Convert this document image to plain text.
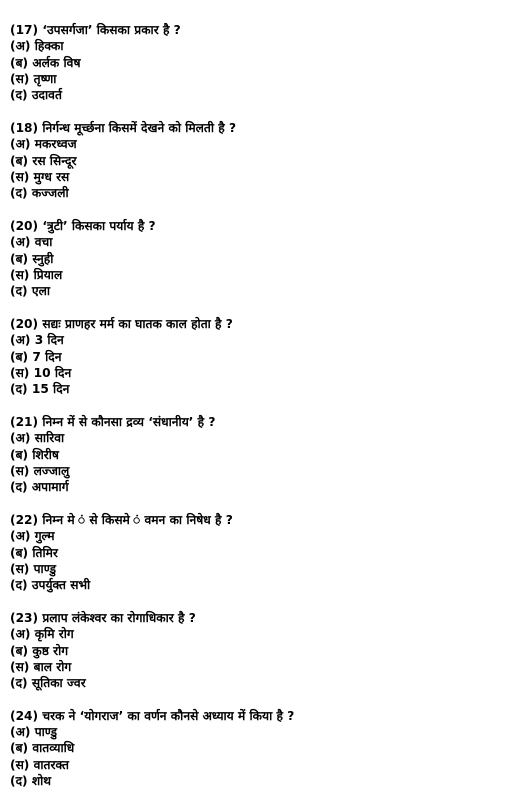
(17) ‘उपसर्गजा’ किसका प्रकार है ?
(अ) हिक्का
(ब) अर्लक विष
(स) तृष्णा
(द) उदावर्त
(18) निर्गन्ध मूर्च्छना किसमें देखने को मिलती है ?
(अ) मकरध्वज
(ब) रस सिन्दूर
(स) मुग्ध रस
(द) कज्जली
(20) ‘त्रुटी’ किसका पर्याय है ?
(अ) वचा
(ब) स्नुही
(स) प्रियाल
(द) एला
(20) सद्यः प्राणहर मर्म का घातक काल होता है ?
(अ) 3 दिन
(ब) 7 दिन
(स) 10 दिन
(द) 15 दिन
(21) निम्न में से कौनसा द्रव्य ‘संधानीय’ है ?
(अ) सारिवा
(ब) शिरीष
(स) लज्जालु
(द) अपामार्ग
(22) निम्न मे ं से किसमे ं वमन का निषेध है ?
(अ) गुल्म
(ब) तिमिर
(स) पाण्डु
(द) उपर्युक्त सभी
(23) प्रलाप लंकेश्वर का रोगाधिकार है ?
(अ) कृमि रोग
(ब) कुष्ठ रोग
(स) बाल रोग
(द) सूतिका ज्वर
(24) चरक ने ‘योगराज’ का वर्णन कौनसे अध्याय में किया है ?
(अ) पाण्डु
(ब) वातव्याधि
(स) वातरक्त
(द) शोथ
